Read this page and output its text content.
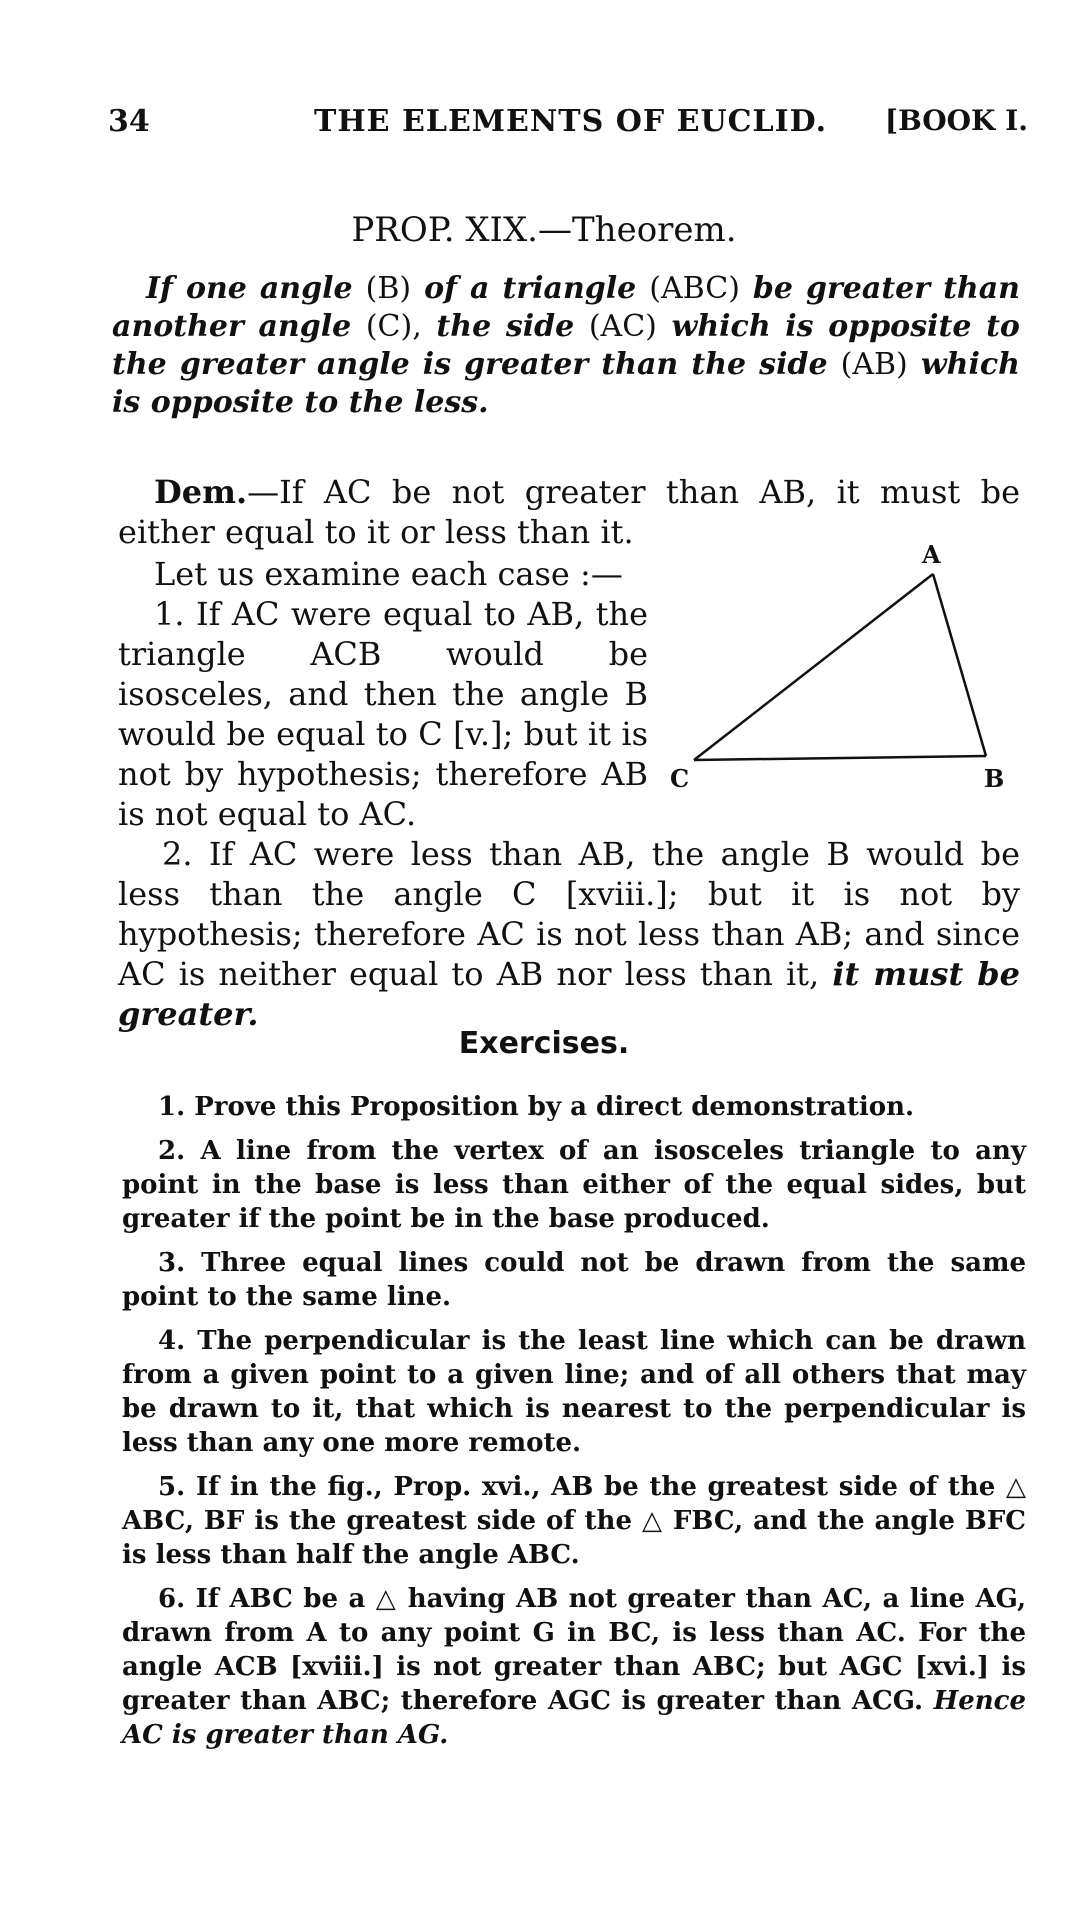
34	THE ELEMENTS OF EUCLID. [BOOK I.
PROP. XIX.—Theorem.
If one angle (B) of a triangle (ABC) be greater than another angle (C), the side (AC) which is opposite to the greater angle is greater than the side (AB) which is opposite to the less.
Dem.—If AC be not greater than AB, it must be either equal to it or less than it.
Let us examine each case :—
1. If AC were equal to AB, the triangle ACB would be isosceles, and then the angle B would be equal to C [v.]; but it is not by hypothesis; therefore AB is not equal to AC.
A
C	B
2. If AC were less than AB, the angle B would be less than the angle C [xviii.]; but it is not by hypothesis; therefore AC is not less than AB; and since AC is neither equal to AB nor less than it, it must be greater.
Exercises.

1. Prove this Proposition by a direct demonstration.

2. A line from the vertex of an isosceles triangle to any point in the base is less than either of the equal sides, but greater if the point be in the base produced.

3. Three equal lines could not be drawn from the same point to the same line.

4. The perpendicular is the least line which can be drawn from a given point to a given line; and of all others that may be drawn to it, that which is nearest to the perpendicular is less than any one more remote.

5. If in the fig., Prop. xvi., AB be the greatest side of the △ ABC, BF is the greatest side of the △ FBC, and the angle BFC is less than half the angle ABC.

6. If ABC be a △ having AB not greater than AC, a line AG, drawn from A to any point G in BC, is less than AC. For the angle ACB [xviii.] is not greater than ABC; but AGC [xvi.] is greater than ABC; therefore AGC is greater than ACG. Hence AC is greater than AG.
